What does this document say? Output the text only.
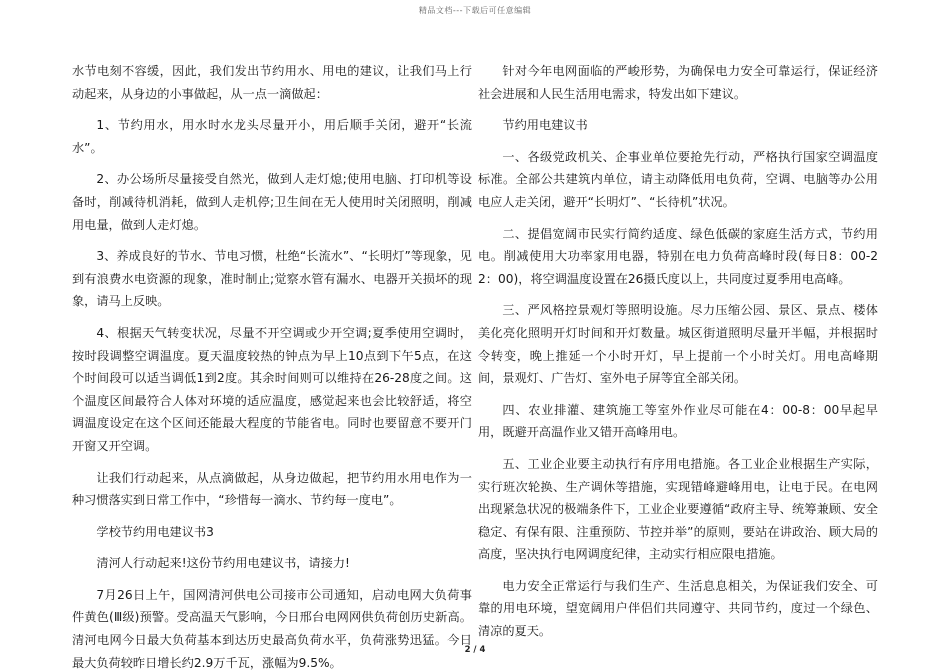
精品文档---下载后可任意编辑

水节电刻不容缓，因此，我们发出节约用水、用电的建议，让我们马上行动起来，从身边的小事做起，从一点一滴做起：

1、节约用水，用水时水龙头尽量开小，用后顺手关闭，避开“长流水”。

2、办公场所尽量接受自然光，做到人走灯熄;使用电脑、打印机等设备时，削减待机消耗，做到人走机停;卫生间在无人使用时关闭照明，削减用电量，做到人走灯熄。

3、养成良好的节水、节电习惯，杜绝“长流水”、“长明灯”等现象，见到有浪费水电资源的现象，准时制止;觉察水管有漏水、电器开关损坏的现象，请马上反映。

4、根据天气转变状况，尽量不开空调或少开空调;夏季使用空调时，按时段调整空调温度。夏天温度较热的钟点为早上10点到下午5点，在这个时间段可以适当调低1到2度。其余时间则可以维持在26-28度之间。这个温度区间最符合人体对环境的适应温度，感觉起来也会比较舒适，将空调温度设定在这个区间还能最大程度的节能省电。同时也要留意不要开门开窗又开空调。

让我们行动起来，从点滴做起，从身边做起，把节约用水用电作为一种习惯落实到日常工作中，“珍惜每一滴水、节约每一度电”。

学校节约用电建议书3

清河人行动起来!这份节约用电建议书，请接力!

7月26日上午，国网清河供电公司接市公司通知，启动电网大负荷事件黄色(Ⅲ级)预警。受高温天气影响，今日邢台电网网供负荷创历史新高。清河电网今日最大负荷基本到达历史最高负荷水平，负荷涨势迅猛。今日最大负荷较昨日增长约2.9万千瓦，涨幅为9.5%。

针对今年电网面临的严峻形势，为确保电力安全可靠运行，保证经济社会进展和人民生活用电需求，特发出如下建议。

节约用电建议书

一、各级党政机关、企事业单位要抢先行动，严格执行国家空调温度标准。全部公共建筑内单位，请主动降低用电负荷，空调、电脑等办公用电应人走关闭，避开“长明灯”、“长待机”状况。

二、提倡宽阔市民实行简约适度、绿色低碳的家庭生活方式，节约用电。削减使用大功率家用电器，特别在电力负荷高峰时段(每日8：00-22：00)，将空调温度设置在26摄氏度以上，共同度过夏季用电高峰。

三、严风格控景观灯等照明设施。尽力压缩公园、景区、景点、楼体美化亮化照明开灯时间和开灯数量。城区街道照明尽量开半幅，并根据时令转变，晚上推延一个小时开灯，早上提前一个小时关灯。用电高峰期间，景观灯、广告灯、室外电子屏等宜全部关闭。

四、农业排灌、建筑施工等室外作业尽可能在4：00-8：00早起早用，既避开高温作业又错开高峰用电。

五、工业企业要主动执行有序用电措施。各工业企业根据生产实际，实行班次轮换、生产调休等措施，实现错峰避峰用电，让电于民。在电网出现紧急状况的极端条件下，工业企业要遵循“政府主导、统筹兼顾、安全稳定、有保有限、注重预防、节控并举”的原则，要站在讲政治、顾大局的高度，坚决执行电网调度纪律，主动实行相应限电措施。

电力安全正常运行与我们生产、生活息息相关，为保证我们安全、可靠的用电环境，望宽阔用户伴侣们共同遵守、共同节约，度过一个绿色、清凉的夏天。

2 / 4
